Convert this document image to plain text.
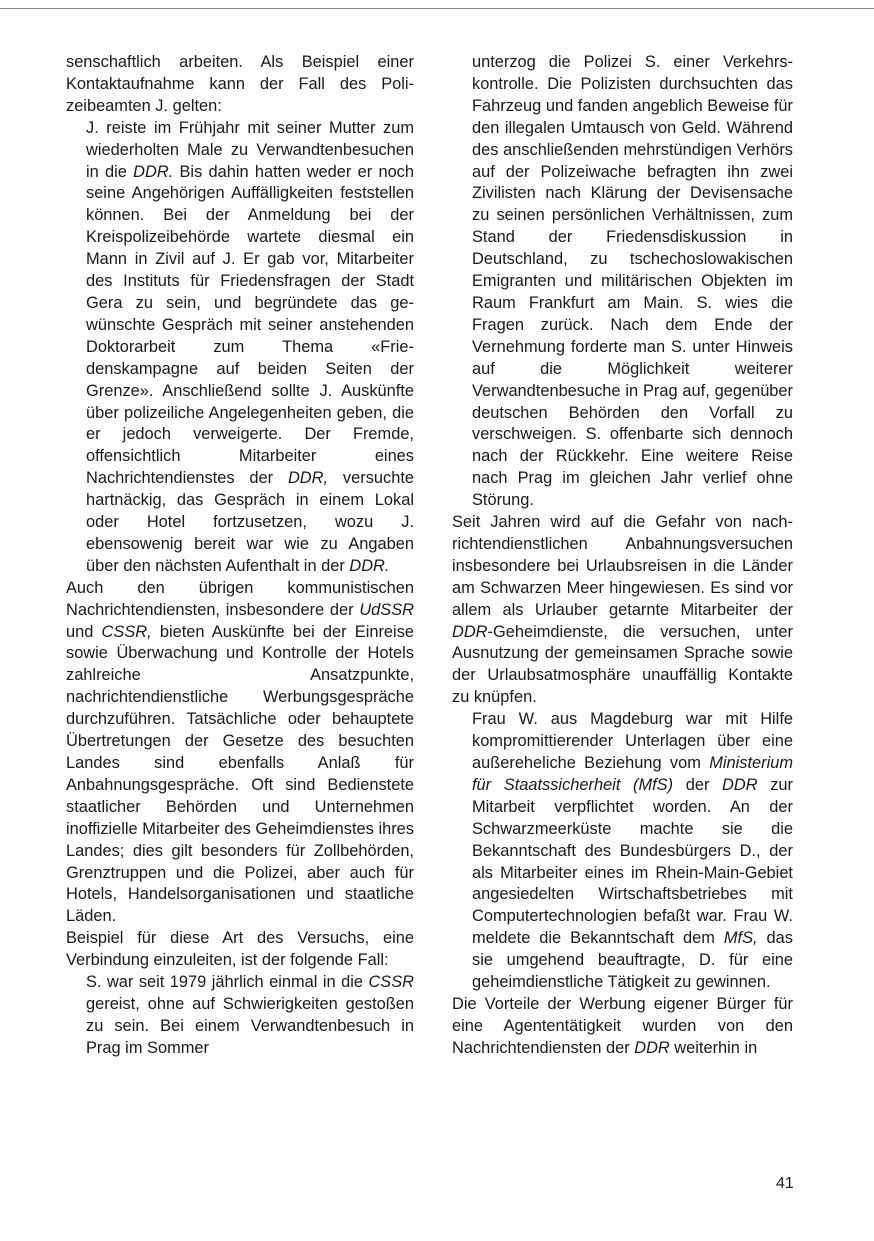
senschaftlich arbeiten. Als Beispiel einer Kontaktaufnahme kann der Fall des Polizeibeamten J. gelten:

J. reiste im Frühjahr mit seiner Mutter zum wiederholten Male zu Verwandtenbesuchen in die DDR. Bis dahin hatten weder er noch seine Angehörigen Auffälligkeiten feststellen können. Bei der Anmeldung bei der Kreispolizeibehörde wartete diesmal ein Mann in Zivil auf J. Er gab vor, Mitarbeiter des Instituts für Friedensfragen der Stadt Gera zu sein, und begründete das gewünschte Gespräch mit seiner anstehenden Doktorarbeit zum Thema «Friedenskampagne auf beiden Seiten der Grenze». Anschließend sollte J. Auskünfte über polizeiliche Angelegenheiten geben, die er jedoch verweigerte. Der Fremde, offensichtlich Mitarbeiter eines Nachrichtendienstes der DDR, versuchte hartnäckig, das Gespräch in einem Lokal oder Hotel fortzusetzen, wozu J. ebensowenig bereit war wie zu Angaben über den nächsten Aufenthalt in der DDR.

Auch den übrigen kommunistischen Nachrichtendiensten, insbesondere der UdSSR und CSSR, bieten Auskünfte bei der Einreise sowie Überwachung und Kontrolle der Hotels zahlreiche Ansatzpunkte, nachrichtendienstliche Werbungsgespräche durchzuführen. Tatsächliche oder behauptete Übertretungen der Gesetze des besuchten Landes sind ebenfalls Anlaß für Anbahnungsgespräche. Oft sind Bedienstete staatlicher Behörden und Unternehmen inoffizielle Mitarbeiter des Geheimdienstes ihres Landes; dies gilt besonders für Zollbehörden, Grenztruppen und die Polizei, aber auch für Hotels, Handelsorganisationen und staatliche Läden.

Beispiel für diese Art des Versuchs, eine Verbindung einzuleiten, ist der folgende Fall:

S. war seit 1979 jährlich einmal in die CSSR gereist, ohne auf Schwierigkeiten gestoßen zu sein. Bei einem Verwandtenbesuch in Prag im Sommer

unterzog die Polizei S. einer Verkehrskontrolle. Die Polizisten durchsuchten das Fahrzeug und fanden angeblich Beweise für den illegalen Umtausch von Geld. Während des anschließenden mehrstündigen Verhörs auf der Polizeiwache befragten ihn zwei Zivilisten nach Klärung der Devisensache zu seinen persönlichen Verhältnissen, zum Stand der Friedensdiskussion in Deutschland, zu tschechoslowakischen Emigranten und militärischen Objekten im Raum Frankfurt am Main. S. wies die Fragen zurück. Nach dem Ende der Vernehmung forderte man S. unter Hinweis auf die Möglichkeit weiterer Verwandtenbesuche in Prag auf, gegenüber deutschen Behörden den Vorfall zu verschweigen. S. offenbarte sich dennoch nach der Rückkehr. Eine weitere Reise nach Prag im gleichen Jahr verlief ohne Störung.

Seit Jahren wird auf die Gefahr von nachrichtendienstlichen Anbahnungsversuchen insbesondere bei Urlaubsreisen in die Länder am Schwarzen Meer hingewiesen. Es sind vor allem als Urlauber getarnte Mitarbeiter der DDR-Geheimdienste, die versuchen, unter Ausnutzung der gemeinsamen Sprache sowie der Urlaubsatmosphäre unauffällig Kontakte zu knüpfen.

Frau W. aus Magdeburg war mit Hilfe kompromittierender Unterlagen über eine außereheliche Beziehung vom Ministerium für Staatssicherheit (MfS) der DDR zur Mitarbeit verpflichtet worden. An der Schwarzmeerküste machte sie die Bekanntschaft des Bundesbürgers D., der als Mitarbeiter eines im Rhein-Main-Gebiet angesiedelten Wirtschaftsbetriebes mit Computertechnologien befaßt war. Frau W. meldete die Bekanntschaft dem MfS, das sie umgehend beauftragte, D. für eine geheimdienstliche Tätigkeit zu gewinnen.

Die Vorteile der Werbung eigener Bürger für eine Agententätigkeit wurden von den Nachrichtendiensten der DDR weiterhin in

41
